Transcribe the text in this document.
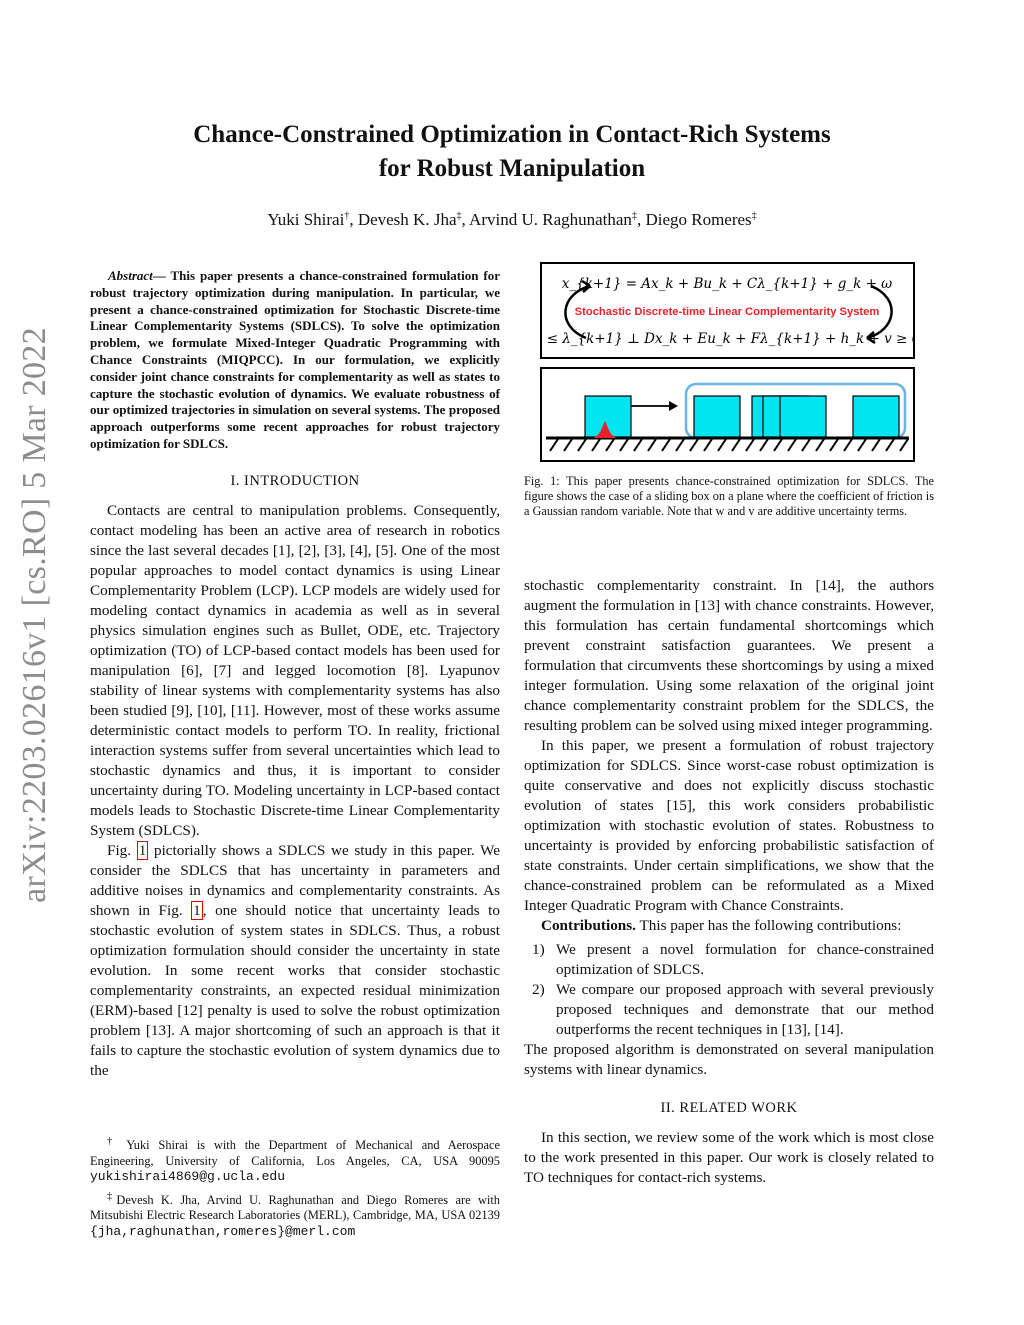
arXiv:2203.02616v1 [cs.RO] 5 Mar 2022
Chance-Constrained Optimization in Contact-Rich Systems
for Robust Manipulation
Yuki Shirai†, Devesh K. Jha‡, Arvind U. Raghunathan‡, Diego Romeres‡

Abstract— This paper presents a chance-constrained formulation for robust trajectory optimization during manipulation. In particular, we present a chance-constrained optimization for Stochastic Discrete-time Linear Complementarity Systems (SDLCS). To solve the optimization problem, we formulate Mixed-Integer Quadratic Programming with Chance Constraints (MIQPCC). In our formulation, we explicitly consider joint chance constraints for complementarity as well as states to capture the stochastic evolution of dynamics. We evaluate robustness of our optimized trajectories in simulation on several systems. The proposed approach outperforms some recent approaches for robust trajectory optimization for SDLCS.

I. INTRODUCTION

Contacts are central to manipulation problems. Consequently, contact modeling has been an active area of research in robotics since the last several decades [1], [2], [3], [4], [5]. One of the most popular approaches to model contact dynamics is using Linear Complementarity Problem (LCP). LCP models are widely used for modeling contact dynamics in academia as well as in several physics simulation engines such as Bullet, ODE, etc. Trajectory optimization (TO) of LCP-based contact models has been used for manipulation [6], [7] and legged locomotion [8]. Lyapunov stability of linear systems with complementarity systems has also been studied [9], [10], [11]. However, most of these works assume deterministic contact models to perform TO. In reality, frictional interaction systems suffer from several uncertainties which lead to stochastic dynamics and thus, it is important to consider uncertainty during TO. Modeling uncertainty in LCP-based contact models leads to Stochastic Discrete-time Linear Complementarity System (SDLCS).

Fig. 1 pictorially shows a SDLCS we study in this paper. We consider the SDLCS that has uncertainty in parameters and additive noises in dynamics and complementarity constraints. As shown in Fig. 1 , one should notice that uncertainty leads to stochastic evolution of system states in SDLCS. Thus, a robust optimization formulation should consider the uncertainty in state evolution. In some recent works that consider stochastic complementarity constraints, an expected residual minimization (ERM)-based [12] penalty is used to solve the robust optimization problem [13]. A major shortcoming of such an approach is that it fails to capture the stochastic evolution of system dynamics due to the

† Yuki Shirai is with the Department of Mechanical and Aerospace Engineering, University of California, Los Angeles, CA, USA 90095 yukishirai4869@g.ucla.edu

‡Devesh K. Jha, Arvind U. Raghunathan and Diego Romeres are with Mitsubishi Electric Research Laboratories (MERL), Cambridge, MA, USA 02139 {jha,raghunathan,romeres}@merl.com

x_{k+1} = Ax_k + Bu_k + Cλ_{k+1} + g_k + ω
Stochastic Discrete-time Linear Complementarity System
0 ≤ λ_{k+1} ⊥ Dx_k + Eu_k + Fλ_{k+1} + h_k + v ≥ 0
Fig. 1: This paper presents chance-constrained optimization for SDLCS. The figure shows the case of a sliding box on a plane where the coefficient of friction is a Gaussian random variable. Note that w and v are additive uncertainty terms.

stochastic complementarity constraint. In [14], the authors augment the formulation in [13] with chance constraints. However, this formulation has certain fundamental shortcomings which prevent constraint satisfaction guarantees. We present a formulation that circumvents these shortcomings by using a mixed integer formulation. Using some relaxation of the original joint chance complementarity constraint problem for the SDLCS, the resulting problem can be solved using mixed integer programming.

In this paper, we present a formulation of robust trajectory optimization for SDLCS. Since worst-case robust optimization is quite conservative and does not explicitly discuss stochastic evolution of states [15], this work considers probabilistic optimization with stochastic evolution of states. Robustness to uncertainty is provided by enforcing probabilistic satisfaction of state constraints. Under certain simplifications, we show that the chance-constrained problem can be reformulated as a Mixed Integer Quadratic Program with Chance Constraints.

Contributions. This paper has the following contributions:

1) We present a novel formulation for chance-constrained optimization of SDLCS.
2) We compare our proposed approach with several previously proposed techniques and demonstrate that our method outperforms the recent techniques in [13], [14].

The proposed algorithm is demonstrated on several manipulation systems with linear dynamics.

II. RELATED WORK

In this section, we review some of the work which is most close to the work presented in this paper. Our work is closely related to TO techniques for contact-rich systems.
